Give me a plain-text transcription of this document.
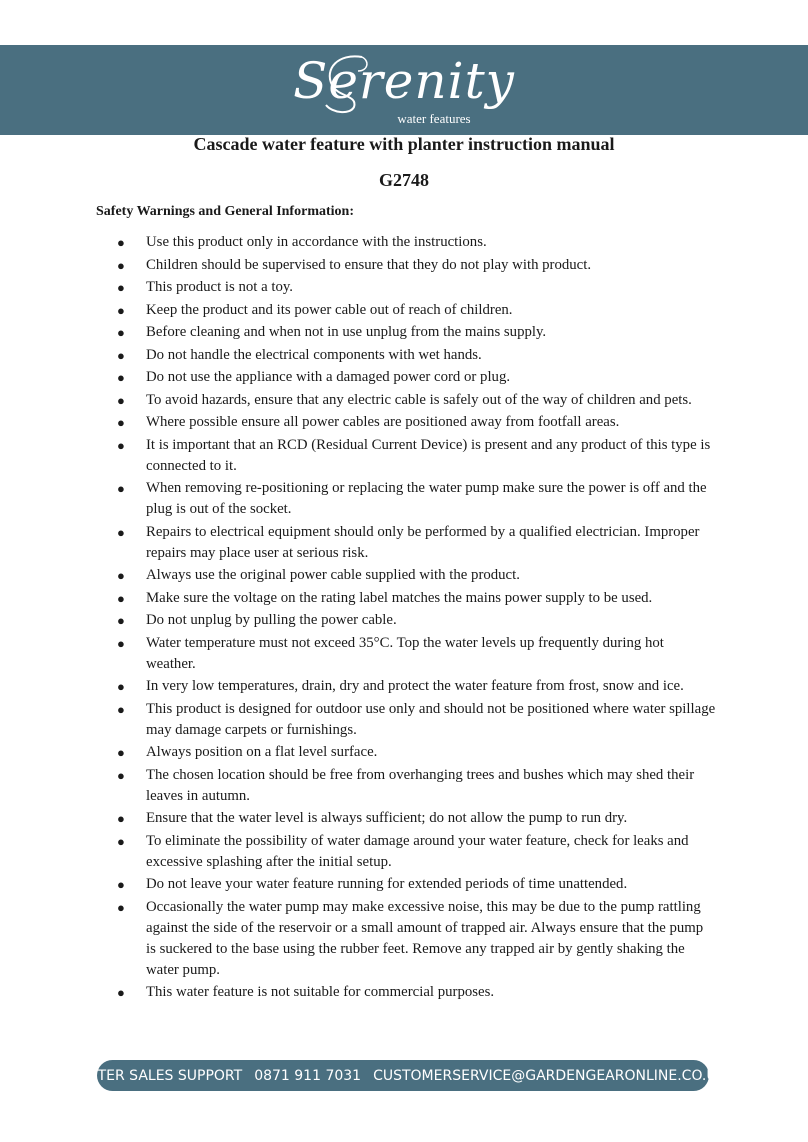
Serenity
water features
Cascade water feature with planter instruction manual
G2748
Safety Warnings and General Information:
● Use this product only in accordance with the instructions.
● Children should be supervised to ensure that they do not play with product.
● This product is not a toy.
● Keep the product and its power cable out of reach of children.
● Before cleaning and when not in use unplug from the mains supply.
● Do not handle the electrical components with wet hands.
● Do not use the appliance with a damaged power cord or plug.
● To avoid hazards, ensure that any electric cable is safely out of the way of children and pets.
● Where possible ensure all power cables are positioned away from footfall areas.
● It is important that an RCD (Residual Current Device) is present and any product of this type is connected to it.
● When removing re-positioning or replacing the water pump make sure the power is off and the plug is out of the socket.
● Repairs to electrical equipment should only be performed by a qualified electrician. Improper repairs may place user at serious risk.
● Always use the original power cable supplied with the product.
● Make sure the voltage on the rating label matches the mains power supply to be used.
● Do not unplug by pulling the power cable.
● Water temperature must not exceed 35°C. Top the water levels up frequently during hot weather.
● In very low temperatures, drain, dry and protect the water feature from frost, snow and ice.
● This product is designed for outdoor use only and should not be positioned where water spillage may damage carpets or furnishings.
● Always position on a flat level surface.
● The chosen location should be free from overhanging trees and bushes which may shed their leaves in autumn.
● Ensure that the water level is always sufficient; do not allow the pump to run dry.
● To eliminate the possibility of water damage around your water feature, check for leaks and excessive splashing after the initial setup.
● Do not leave your water feature running for extended periods of time unattended.
● Occasionally the water pump may make excessive noise, this may be due to the pump rattling against the side of the reservoir or a small amount of trapped air. Always ensure that the pump is suckered to the base using the rubber feet. Remove any trapped air by gently shaking the water pump.
● This water feature is not suitable for commercial purposes.
AFTER SALES SUPPORT 0871 911 7031 CUSTOMERSERVICE@GARDENGEARONLINE.CO.UK
